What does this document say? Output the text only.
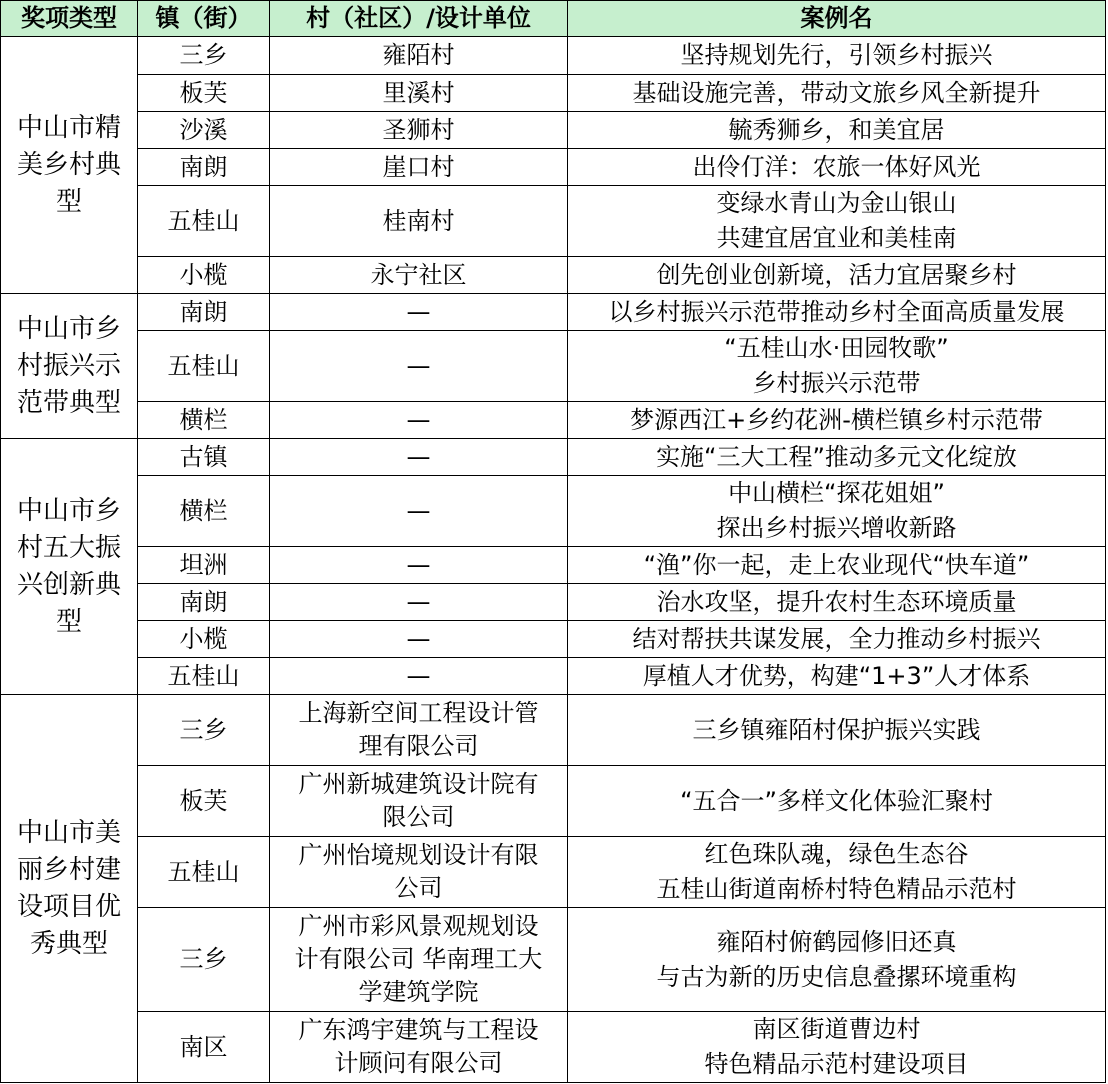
奖项类型	镇（街）	村（社区）/设计单位	案例名
中山市精美乡村典型	三乡	雍陌村	坚持规划先行，引领乡村振兴

	板芙	里溪村	基础设施完善，带动文旅乡风全新提升

	沙溪	圣狮村	毓秀狮乡，和美宜居

	南朗	崖口村	出伶仃洋：农旅一体好风光

	五桂山	桂南村	变绿水青山为金山银山
共建宜居宜业和美桂南

	小榄	永宁社区	创先创业创新境，活力宜居聚乡村

中山市乡村振兴示范带典型	南朗	—	以乡村振兴示范带推动乡村全面高质量发展

	五桂山	—	“五桂山水·田园牧歌”
乡村振兴示范带

	横栏	—	梦源西江+乡约花洲-横栏镇乡村示范带

中山市乡村五大振兴创新典型	古镇	—	实施“三大工程”推动多元文化绽放

	横栏	—	中山横栏“探花姐姐”
探出乡村振兴增收新路

	坦洲	—	“渔”你一起，走上农业现代“快车道”

	南朗	—	治水攻坚，提升农村生态环境质量

	小榄	—	结对帮扶共谋发展，全力推动乡村振兴

	五桂山	—	厚植人才优势，构建“1+3”人才体系

中山市美丽乡村建设项目优秀典型	三乡	上海新空间工程设计管
理有限公司	三乡镇雍陌村保护振兴实践

	板芙	广州新城建筑设计院有
限公司	“五合一”多样文化体验汇聚村

	五桂山	广州怡境规划设计有限
公司	红色珠队魂，绿色生态谷
五桂山街道南桥村特色精品示范村

	三乡	广州市彩风景观规划设
计有限公司 华南理工大
学建筑学院	雍陌村俯鹤园修旧还真
与古为新的历史信息叠摞环境重构

	南区	广东鸿宇建筑与工程设
计顾问有限公司	南区街道曹边村
特色精品示范村建设项目
